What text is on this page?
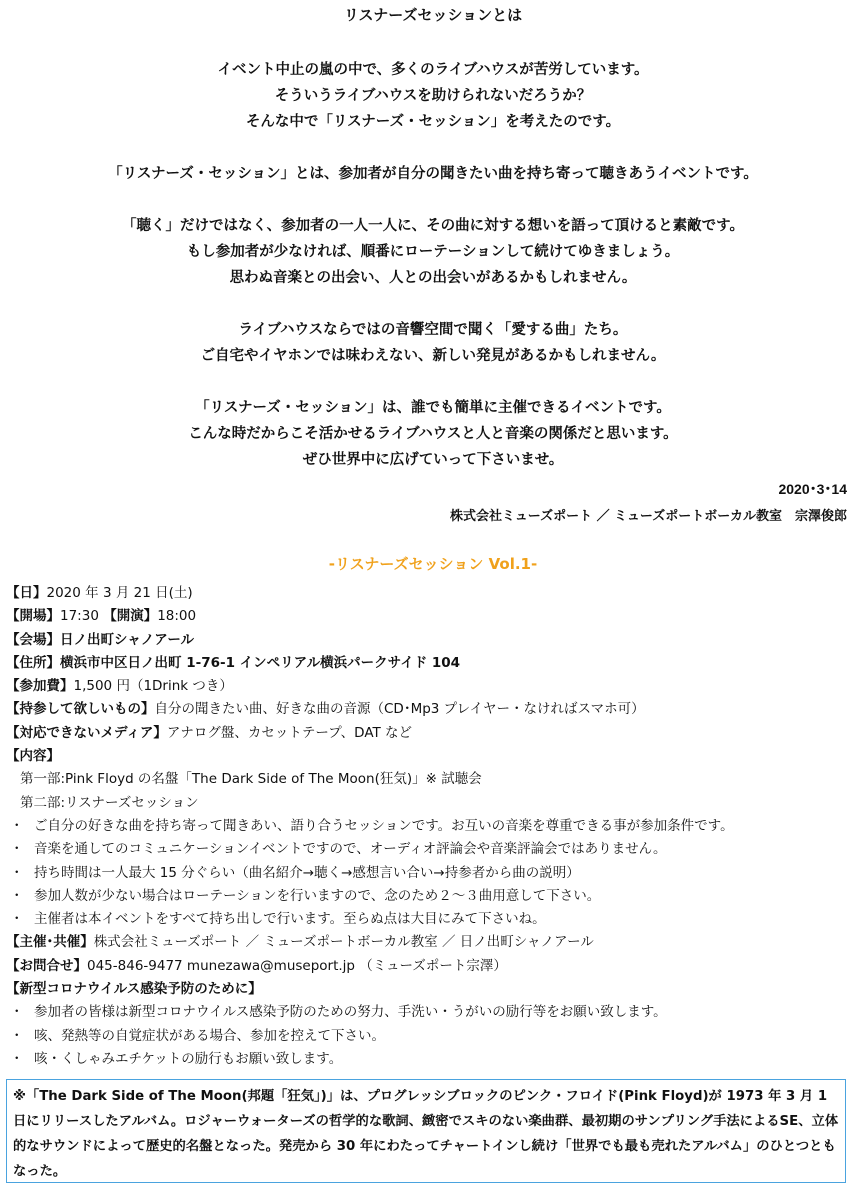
リスナーズセッションとは

イベント中止の嵐の中で、多くのライブハウスが苦労しています。

そういうライブハウスを助けられないだろうか？

そんな中で「リスナーズ・セッション」を考えたのです。

「リスナーズ・セッション」とは、参加者が自分の聞きたい曲を持ち寄って聴きあうイベントです。

「聴く」だけではなく、参加者の一人一人に、その曲に対する想いを語って頂けると素敵です。

もし参加者が少なければ、順番にローテーションして続けてゆきましょう。

思わぬ音楽との出会い、人との出会いがあるかもしれません。

ライブハウスならではの音響空間で聞く「愛する曲」たち。

ご自宅やイヤホンでは味わえない、新しい発見があるかもしれません。

「リスナーズ・セッション」は、誰でも簡単に主催できるイベントです。

こんな時だからこそ活かせるライブハウスと人と音楽の関係だと思います。

ぜひ世界中に広げていって下さいませ。

2020･3･14
株式会社ミューズポート ／ ミューズポートボーカル教室　宗澤俊郎
-リスナーズセッション Vol.1-
【日】2020 年 3 月 21 日(土)
【開場】17:30 【開演】18:00
【会場】日ノ出町シャノアール
【住所】横浜市中区日ノ出町 1-76-1 インペリアル横浜パークサイド 104
【参加費】1,500 円（1Drink つき）
【持参して欲しいもの】自分の聞きたい曲、好きな曲の音源（CD･Mp3 プレイヤー・なければスマホ可）
【対応できないメディア】アナログ盤、カセットテープ、DAT など
【内容】
第一部:Pink Floyd の名盤「The Dark Side of The Moon(狂気)」※ 試聴会
第二部:リスナーズセッション
・ ご自分の好きな曲を持ち寄って聞きあい、語り合うセッションです。お互いの音楽を尊重できる事が参加条件です。
・ 音楽を通してのコミュニケーションイベントですので、オーディオ評論会や音楽評論会ではありません。
・ 持ち時間は一人最大 15 分ぐらい（曲名紹介→聴く→感想言い合い→持参者から曲の説明）
・ 参加人数が少ない場合はローテーションを行いますので、念のため２～３曲用意して下さい。
・ 主催者は本イベントをすべて持ち出しで行います。至らぬ点は大目にみて下さいね。
【主催･共催】株式会社ミューズポート ／ ミューズポートボーカル教室 ／ 日ノ出町シャノアール
【お問合せ】045-846-9477 munezawa@museport.jp （ミューズポート宗澤）
【新型コロナウイルス感染予防のために】
・ 参加者の皆様は新型コロナウイルス感染予防のための努力、手洗い・うがいの励行等をお願い致します。
・ 咳、発熱等の自覚症状がある場合、参加を控えて下さい。
・ 咳・くしゃみエチケットの励行もお願い致します。
※「The Dark Side of The Moon(邦題「狂気」)」は、プログレッシブロックのピンク・フロイド(Pink Floyd)が 1973 年 3 月 1 日にリリースしたアルバム。ロジャーウォーターズの哲学的な歌詞、緻密でスキのない楽曲群、最初期のサンプリング手法によるSE、立体的なサウンドによって歴史的名盤となった。発売から 30 年にわたってチャートインし続け「世界でも最も売れたアルバム」のひとつともなった。
